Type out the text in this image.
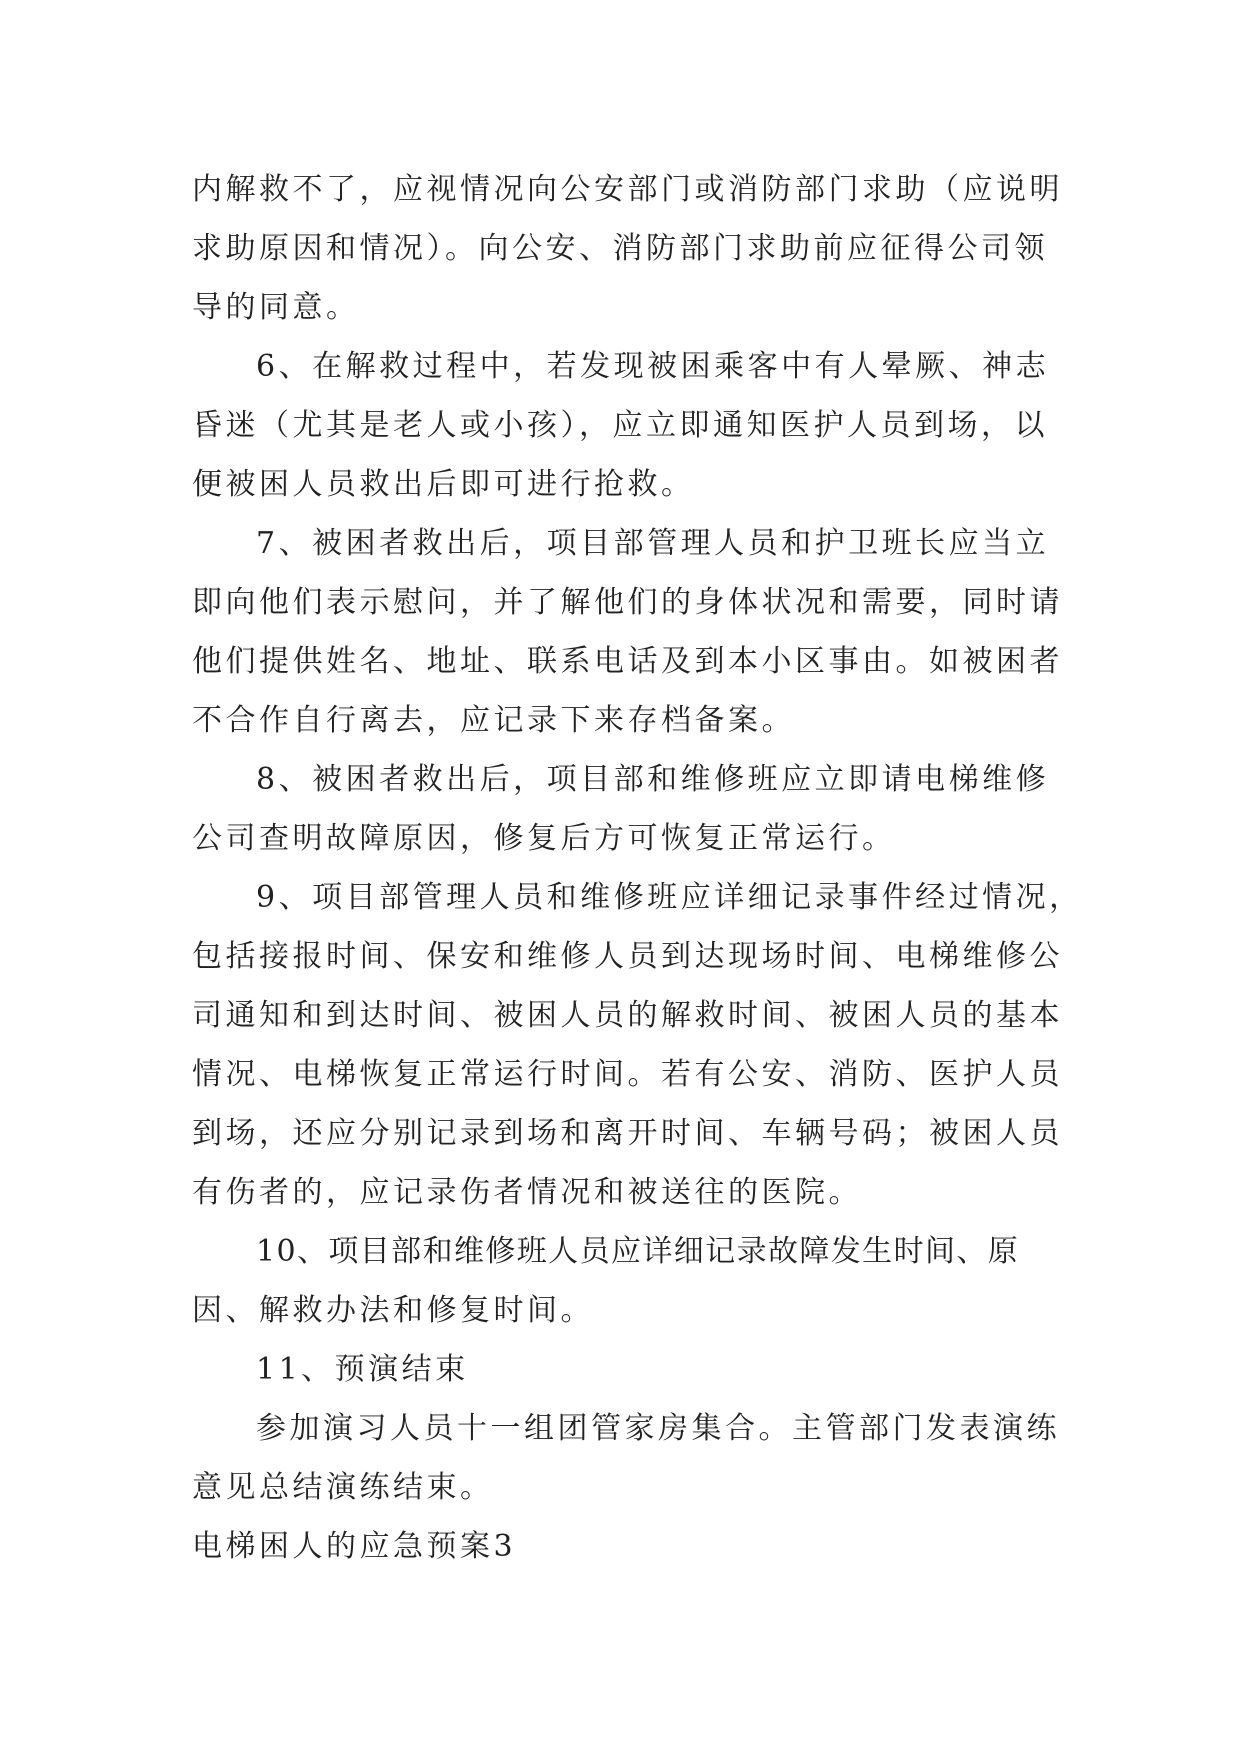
内解救不了，应视情况向公安部门或消防部门求助（应说明
求助原因和情况）。向公安、消防部门求助前应征得公司领
导的同意。
6、在解救过程中，若发现被困乘客中有人晕厥、神志
昏迷（尤其是老人或小孩），应立即通知医护人员到场，以
便被困人员救出后即可进行抢救。
7、被困者救出后，项目部管理人员和护卫班长应当立
即向他们表示慰问，并了解他们的身体状况和需要，同时请
他们提供姓名、地址、联系电话及到本小区事由。如被困者
不合作自行离去，应记录下来存档备案。
8、被困者救出后，项目部和维修班应立即请电梯维修
公司查明故障原因，修复后方可恢复正常运行。
9、项目部管理人员和维修班应详细记录事件经过情况，
包括接报时间、保安和维修人员到达现场时间、电梯维修公
司通知和到达时间、被困人员的解救时间、被困人员的基本
情况、电梯恢复正常运行时间。若有公安、消防、医护人员
到场，还应分别记录到场和离开时间、车辆号码；被困人员
有伤者的，应记录伤者情况和被送往的医院。
10、项目部和维修班人员应详细记录故障发生时间、原
因、解救办法和修复时间。
11、预演结束
参加演习人员十一组团管家房集合。主管部门发表演练
意见总结演练结束。
电梯困人的应急预案3
